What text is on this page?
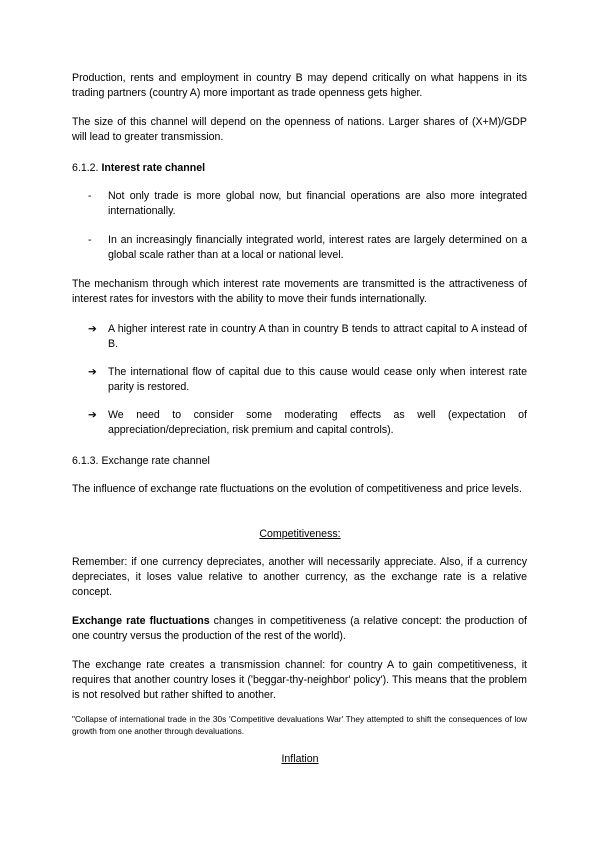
Production, rents and employment in country B may depend critically on what happens in its trading partners (country A) more important as trade openness gets higher.

The size of this channel will depend on the openness of nations. Larger shares of (X+M)/GDP will lead to greater transmission.

6.1.2. Interest rate channel

-	Not only trade is more global now, but financial operations are also more integrated internationally.

-	In an increasingly financially integrated world, interest rates are largely determined on a global scale rather than at a local or national level.

The mechanism through which interest rate movements are transmitted is the attractiveness of interest rates for investors with the ability to move their funds internationally.

➔	A higher interest rate in country A than in country B tends to attract capital to A instead of B.

➔	The international flow of capital due to this cause would cease only when interest rate parity is restored.

➔	We need to consider some moderating effects as well (expectation of appreciation/depreciation, risk premium and capital controls).

6.1.3. Exchange rate channel

The influence of exchange rate fluctuations on the evolution of competitiveness and price levels.

Competitiveness:

Remember: if one currency depreciates, another will necessarily appreciate. Also, if a currency depreciates, it loses value relative to another currency, as the exchange rate is a relative concept.

Exchange rate fluctuations changes in competitiveness (a relative concept: the production of one country versus the production of the rest of the world).

The exchange rate creates a transmission channel: for country A to gain competitiveness, it requires that another country loses it ('beggar-thy-neighbor' policy'). This means that the problem is not resolved but rather shifted to another.

"Collapse of international trade in the 30s 'Competitive devaluations War' They attempted to shift the consequences of low growth from one another through devaluations.

Inflation
